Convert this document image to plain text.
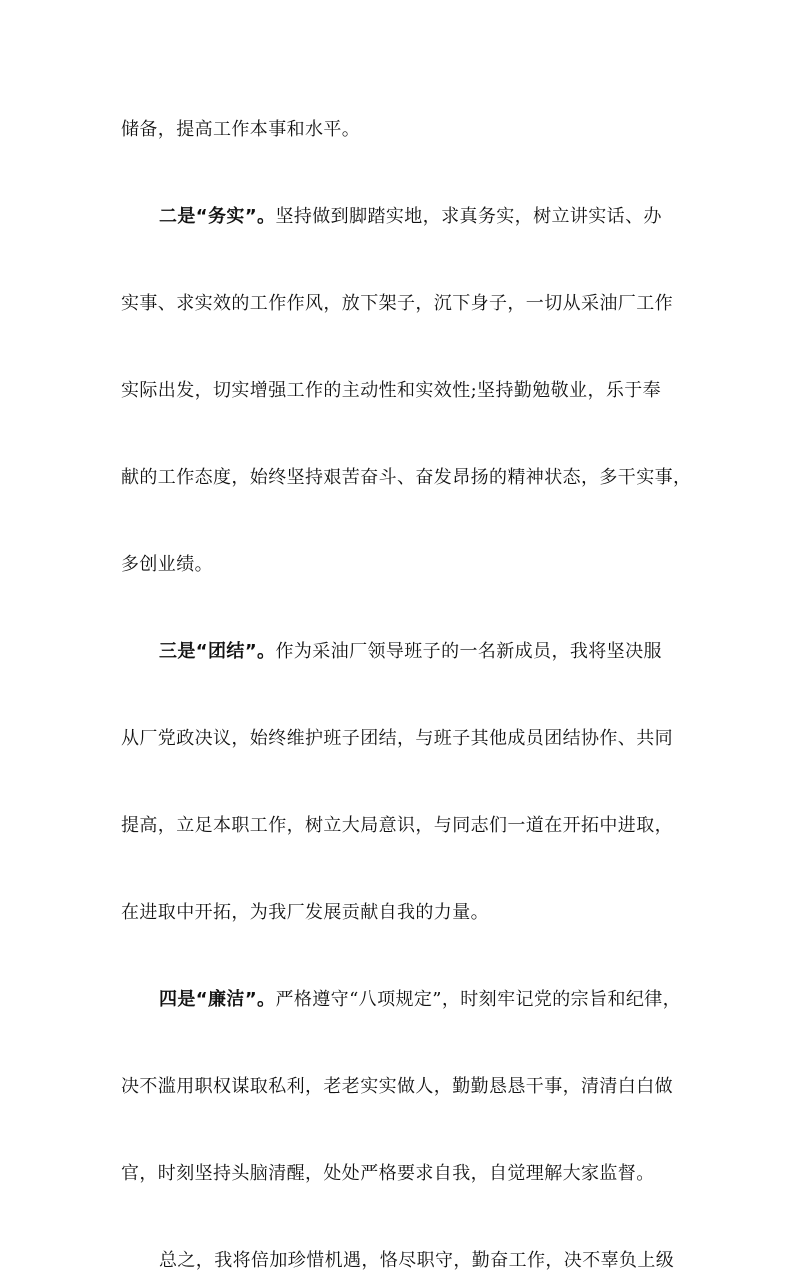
储备，提高工作本事和水平。
二是“务实”。坚持做到脚踏实地，求真务实，树立讲实话、办
实事、求实效的工作作风，放下架子，沉下身子，一切从采油厂工作
实际出发，切实增强工作的主动性和实效性;坚持勤勉敬业，乐于奉
献的工作态度，始终坚持艰苦奋斗、奋发昂扬的精神状态，多干实事，
多创业绩。
三是“团结”。作为采油厂领导班子的一名新成员，我将坚决服
从厂党政决议，始终维护班子团结，与班子其他成员团结协作、共同
提高，立足本职工作，树立大局意识，与同志们一道在开拓中进取，
在进取中开拓，为我厂发展贡献自我的力量。
四是“廉洁”。严格遵守“八项规定”，时刻牢记党的宗旨和纪律，
决不滥用职权谋取私利，老老实实做人，勤勤恳恳干事，清清白白做
官，时刻坚持头脑清醒，处处严格要求自我，自觉理解大家监督。
总之，我将倍加珍惜机遇，恪尽职守，勤奋工作，决不辜负上级
